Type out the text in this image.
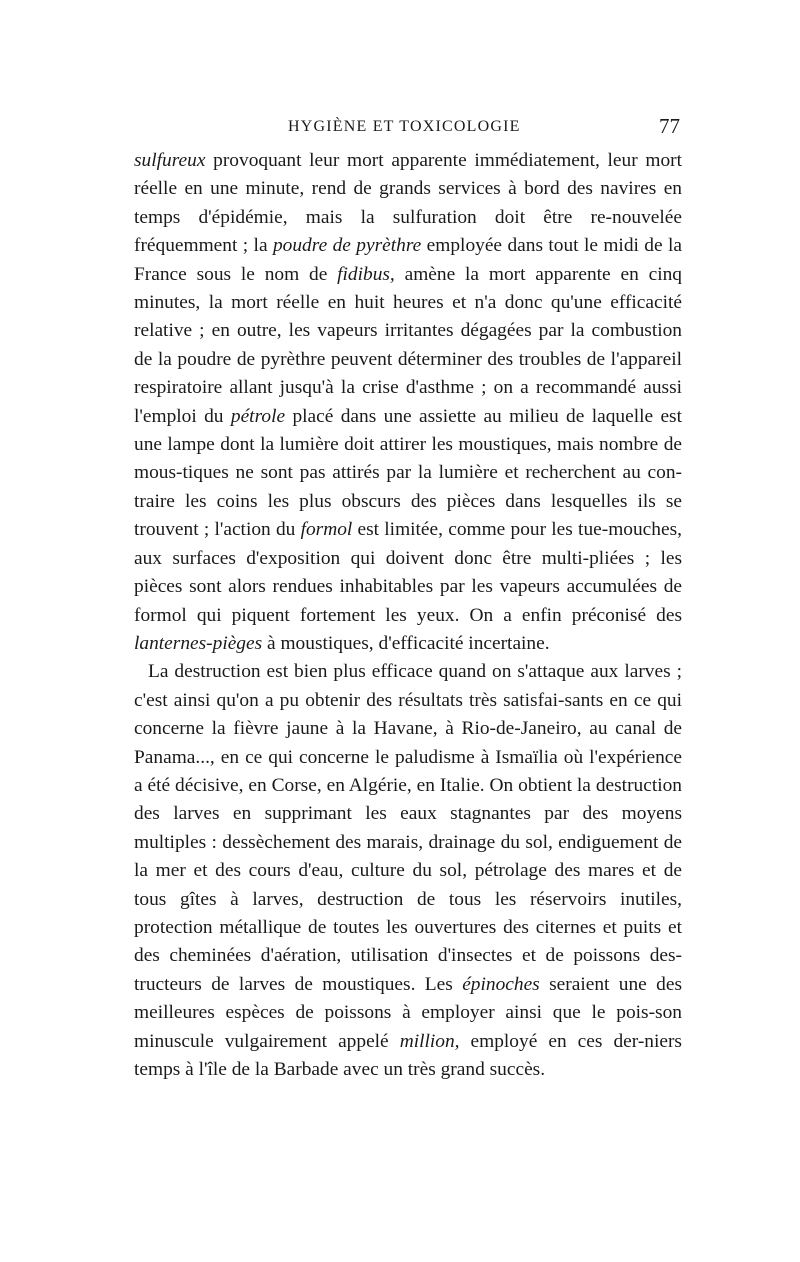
HYGIÈNE ET TOXICOLOGIE	77

sulfureux provoquant leur mort apparente immédiatement, leur mort réelle en une minute, rend de grands services à bord des navires en temps d'épidémie, mais la sulfuration doit être re-nouvelée fréquemment ; la poudre de pyrèthre employée dans tout le midi de la France sous le nom de fidibus, amène la mort apparente en cinq minutes, la mort réelle en huit heures et n'a donc qu'une efficacité relative ; en outre, les vapeurs irritantes dégagées par la combustion de la poudre de pyrèthre peuvent déterminer des troubles de l'appareil respiratoire allant jusqu'à la crise d'asthme ; on a recommandé aussi l'emploi du pétrole placé dans une assiette au milieu de laquelle est une lampe dont la lumière doit attirer les moustiques, mais nombre de mous-tiques ne sont pas attirés par la lumière et recherchent au con-traire les coins les plus obscurs des pièces dans lesquelles ils se trouvent ; l'action du formol est limitée, comme pour les tue-mouches, aux surfaces d'exposition qui doivent donc être multi-pliées ; les pièces sont alors rendues inhabitables par les vapeurs accumulées de formol qui piquent fortement les yeux. On a enfin préconisé des lanternes-pièges à moustiques, d'efficacité incertaine.

La destruction est bien plus efficace quand on s'attaque aux larves ; c'est ainsi qu'on a pu obtenir des résultats très satisfai-sants en ce qui concerne la fièvre jaune à la Havane, à Rio-de-Janeiro, au canal de Panama..., en ce qui concerne le paludisme à Ismaïlia où l'expérience a été décisive, en Corse, en Algérie, en Italie. On obtient la destruction des larves en supprimant les eaux stagnantes par des moyens multiples : dessèchement des marais, drainage du sol, endiguement de la mer et des cours d'eau, culture du sol, pétrolage des mares et de tous gîtes à larves, destruction de tous les réservoirs inutiles, protection métallique de toutes les ouvertures des citernes et puits et des cheminées d'aération, utilisation d'insectes et de poissons des-tructeurs de larves de moustiques. Les épinoches seraient une des meilleures espèces de poissons à employer ainsi que le pois-son minuscule vulgairement appelé million, employé en ces der-niers temps à l'île de la Barbade avec un très grand succès.
